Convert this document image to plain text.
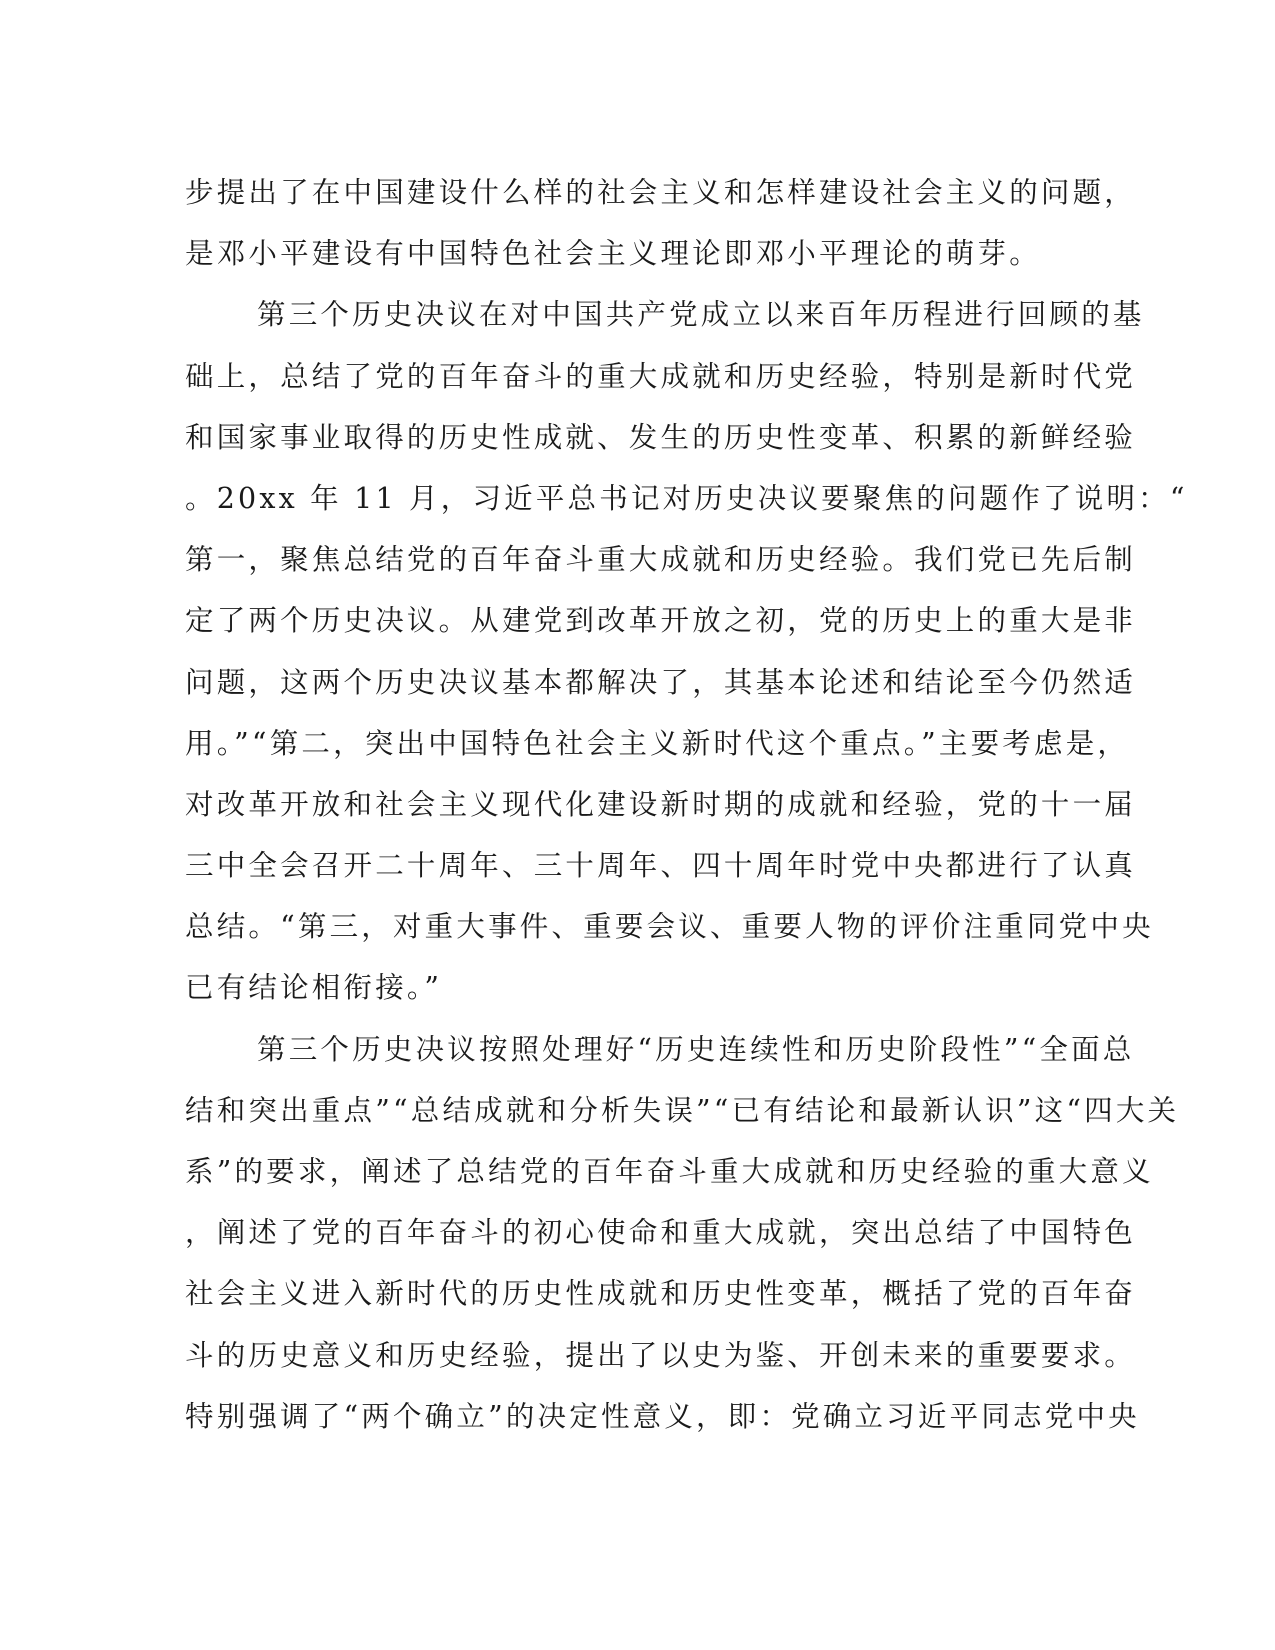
步提出了在中国建设什么样的社会主义和怎样建设社会主义的问题，
是邓小平建设有中国特色社会主义理论即邓小平理论的萌芽。
第三个历史决议在对中国共产党成立以来百年历程进行回顾的基
础上，总结了党的百年奋斗的重大成就和历史经验，特别是新时代党
和国家事业取得的历史性成就、发生的历史性变革、积累的新鲜经验
。20xx 年 11 月，习近平总书记对历史决议要聚焦的问题作了说明：“
第一，聚焦总结党的百年奋斗重大成就和历史经验。我们党已先后制
定了两个历史决议。从建党到改革开放之初，党的历史上的重大是非
问题，这两个历史决议基本都解决了，其基本论述和结论至今仍然适
用。”“第二，突出中国特色社会主义新时代这个重点。”主要考虑是，
对改革开放和社会主义现代化建设新时期的成就和经验，党的十一届
三中全会召开二十周年、三十周年、四十周年时党中央都进行了认真
总结。“第三，对重大事件、重要会议、重要人物的评价注重同党中央
已有结论相衔接。”
第三个历史决议按照处理好“历史连续性和历史阶段性”“全面总
结和突出重点”“总结成就和分析失误”“已有结论和最新认识”这“四大关
系”的要求，阐述了总结党的百年奋斗重大成就和历史经验的重大意义
，阐述了党的百年奋斗的初心使命和重大成就，突出总结了中国特色
社会主义进入新时代的历史性成就和历史性变革，概括了党的百年奋
斗的历史意义和历史经验，提出了以史为鉴、开创未来的重要要求。
特别强调了“两个确立”的决定性意义，即：党确立习近平同志党中央
